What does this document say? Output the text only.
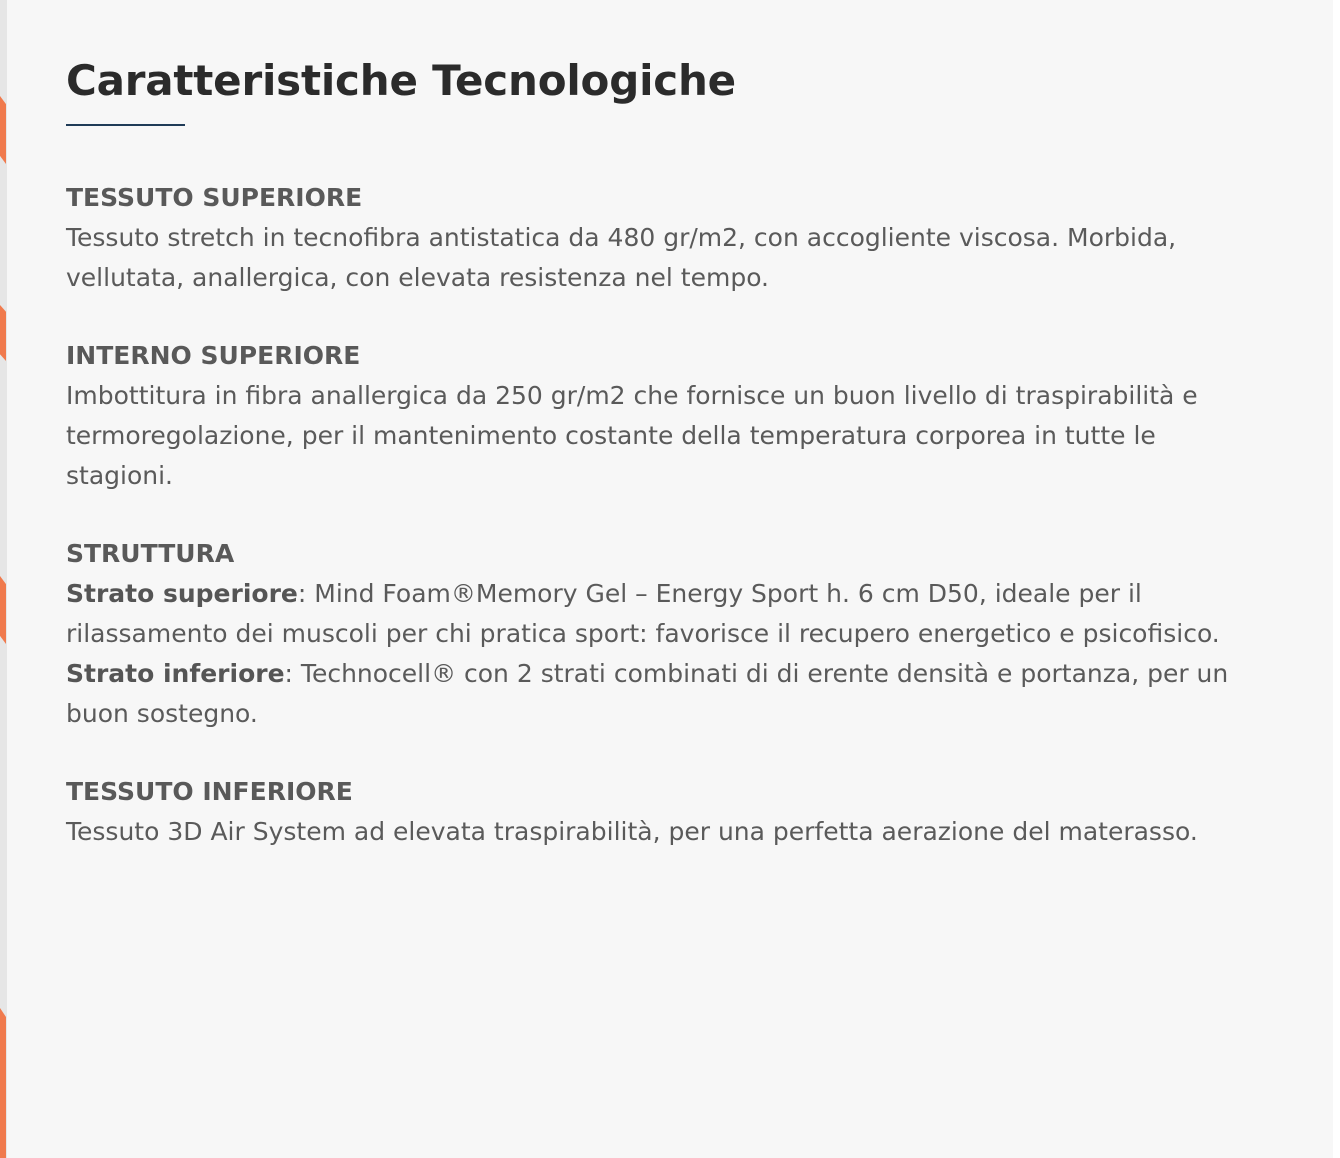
Caratteristiche Tecnologiche

TESSUTO SUPERIORE

Tessuto stretch in tecnofibra antistatica da 480 gr/m2, con accogliente viscosa. Morbida, vellutata, anallergica, con elevata resistenza nel tempo.

INTERNO SUPERIORE

Imbottitura in fibra anallergica da 250 gr/m2 che fornisce un buon livello di traspirabilità e termoregolazione, per il mantenimento costante della temperatura corporea in tutte le stagioni.

STRUTTURA

Strato superiore: Mind Foam®Memory Gel – Energy Sport h. 6 cm D50, ideale per il rilassamento dei muscoli per chi pratica sport: favorisce il recupero energetico e psicofisico.

Strato inferiore: Technocell® con 2 strati combinati di di erente densità e portanza, per un buon sostegno.

TESSUTO INFERIORE

Tessuto 3D Air System ad elevata traspirabilità, per una perfetta aerazione del materasso.
